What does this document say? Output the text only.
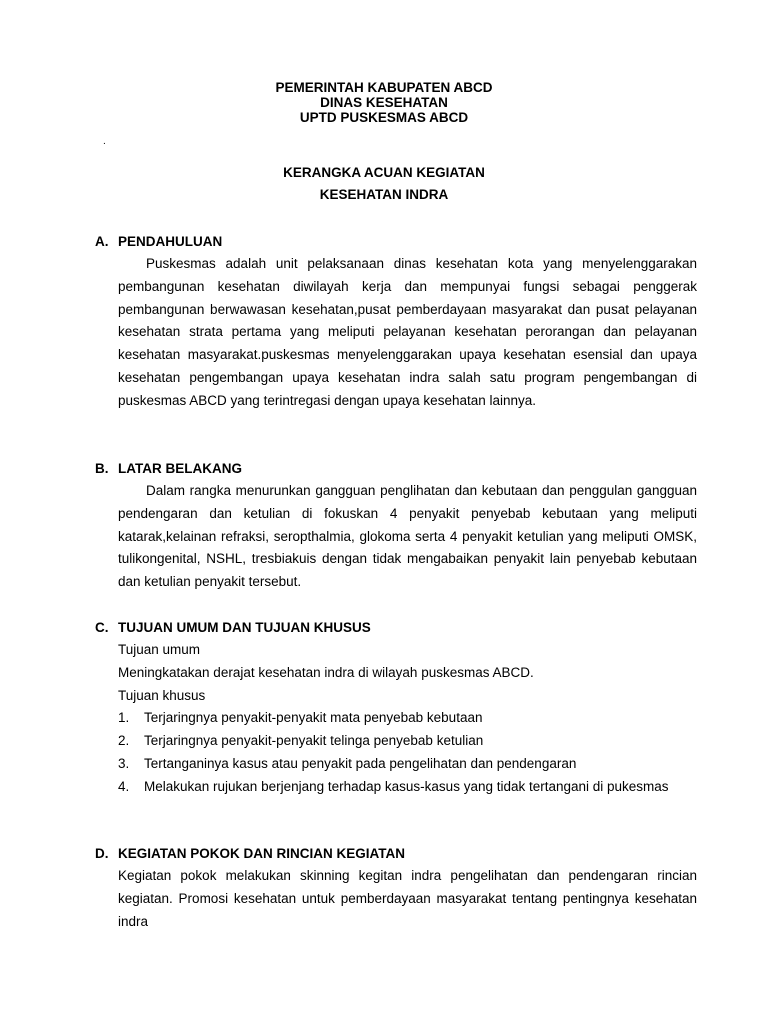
PEMERINTAH KABUPATEN ABCD
DINAS KESEHATAN
UPTD PUSKESMAS ABCD
.
KERANGKA ACUAN KEGIATAN
KESEHATAN INDRA
A. PENDAHULUAN
Puskesmas adalah unit pelaksanaan dinas kesehatan kota yang menyelenggarakan pembangunan kesehatan diwilayah kerja dan mempunyai fungsi sebagai penggerak pembangunan berwawasan kesehatan,pusat pemberdayaan masyarakat dan pusat pelayanan kesehatan strata pertama yang meliputi pelayanan kesehatan perorangan dan pelayanan kesehatan masyarakat.puskesmas menyelenggarakan upaya kesehatan esensial dan upaya kesehatan pengembangan upaya kesehatan indra salah satu program pengembangan di puskesmas ABCD yang terintregasi dengan upaya kesehatan lainnya.
B. LATAR BELAKANG
Dalam rangka menurunkan gangguan penglihatan dan kebutaan dan penggulan gangguan pendengaran dan ketulian di fokuskan 4 penyakit penyebab kebutaan yang meliputi katarak,kelainan refraksi, seropthalmia, glokoma serta 4 penyakit ketulian yang meliputi OMSK, tulikongenital, NSHL, tresbiakuis dengan tidak mengabaikan penyakit lain penyebab kebutaan dan ketulian penyakit tersebut.
C. TUJUAN UMUM DAN TUJUAN KHUSUS
Tujuan umum
Meningkatakan derajat kesehatan indra di wilayah puskesmas ABCD.
Tujuan khusus
1.	Terjaringnya penyakit-penyakit mata penyebab kebutaan
2.	Terjaringnya penyakit-penyakit telinga penyebab ketulian
3.	Tertanganinya kasus atau penyakit pada pengelihatan dan pendengaran
4.	Melakukan rujukan berjenjang terhadap kasus-kasus yang tidak tertangani di pukesmas
D. KEGIATAN POKOK DAN RINCIAN KEGIATAN
Kegiatan pokok melakukan skinning kegitan indra pengelihatan dan pendengaran rincian kegiatan. Promosi kesehatan untuk pemberdayaan masyarakat tentang pentingnya kesehatan indra
